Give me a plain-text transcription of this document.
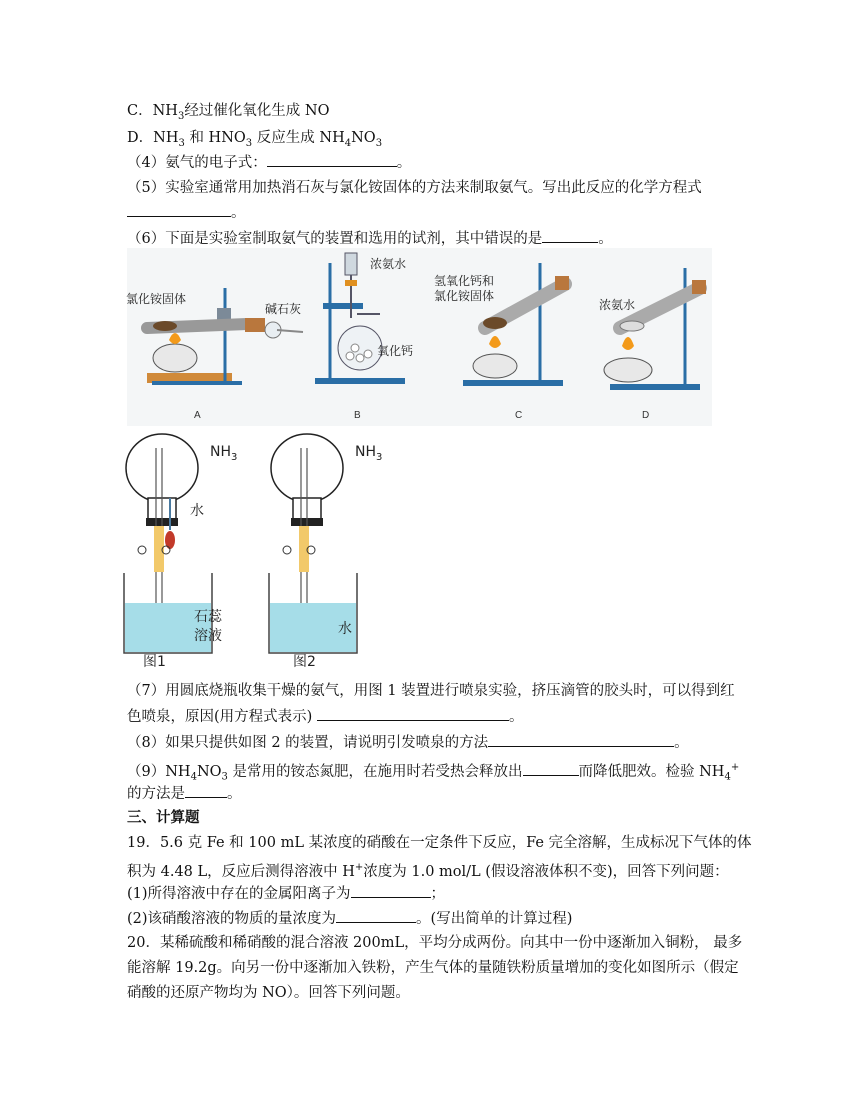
C．$NH_3$经过催化氧化生成 NO
D．$NH_3$ 和 $HNO_3$ 反应生成 $NH_4NO_3$
（4）氨气的电子式：	。
（5）实验室通常用加热消石灰与氯化铵固体的方法来制取氨气。写出此反应的化学方程式
。
（6）下面是实验室制取氨气的装置和选用的试剂，其中错误的是	。
氯化铵固体
碱石灰
A
浓氨水
氧化钙
B
氢氧化钙和
氯化铵固体
C
浓氨水
D
$NH_3$
水
石蕊
溶液
图1
$NH_3$
水
图2
（7）用圆底烧瓶收集干燥的氨气，用图 1 装置进行喷泉实验，挤压滴管的胶头时，可以得到红
色喷泉，原因(用方程式表示)	。
（8）如果只提供如图 2 的装置，请说明引发喷泉的方法	。
$(9)NH_4NO_3$ 是常用的铵态氮肥，在施用时若受热会释放出	而降低肥效。检验 $NH_4^+$
的方法是	。
三、计算题
19．5.6 克 Fe 和 100 mL 某浓度的硝酸在一定条件下反应，Fe 完全溶解，生成标况下气体的体
积为 4.48 L，反应后测得溶液中 H+浓度为 1.0 mol/L (假设溶液体积不变)，回答下列问题：
(1)所得溶液中存在的金属阳离子为	；
(2)该硝酸溶液的物质的量浓度为	。(写出简单的计算过程)
20．某稀硫酸和稀硝酸的混合溶液 200mL，平均分成两份。向其中一份中逐渐加入铜粉， 最多
能溶解 19.2g。向另一份中逐渐加入铁粉，产生气体的量随铁粉质量增加的变化如图所示（假定
硝酸的还原产物均为 NO）。回答下列问题。
